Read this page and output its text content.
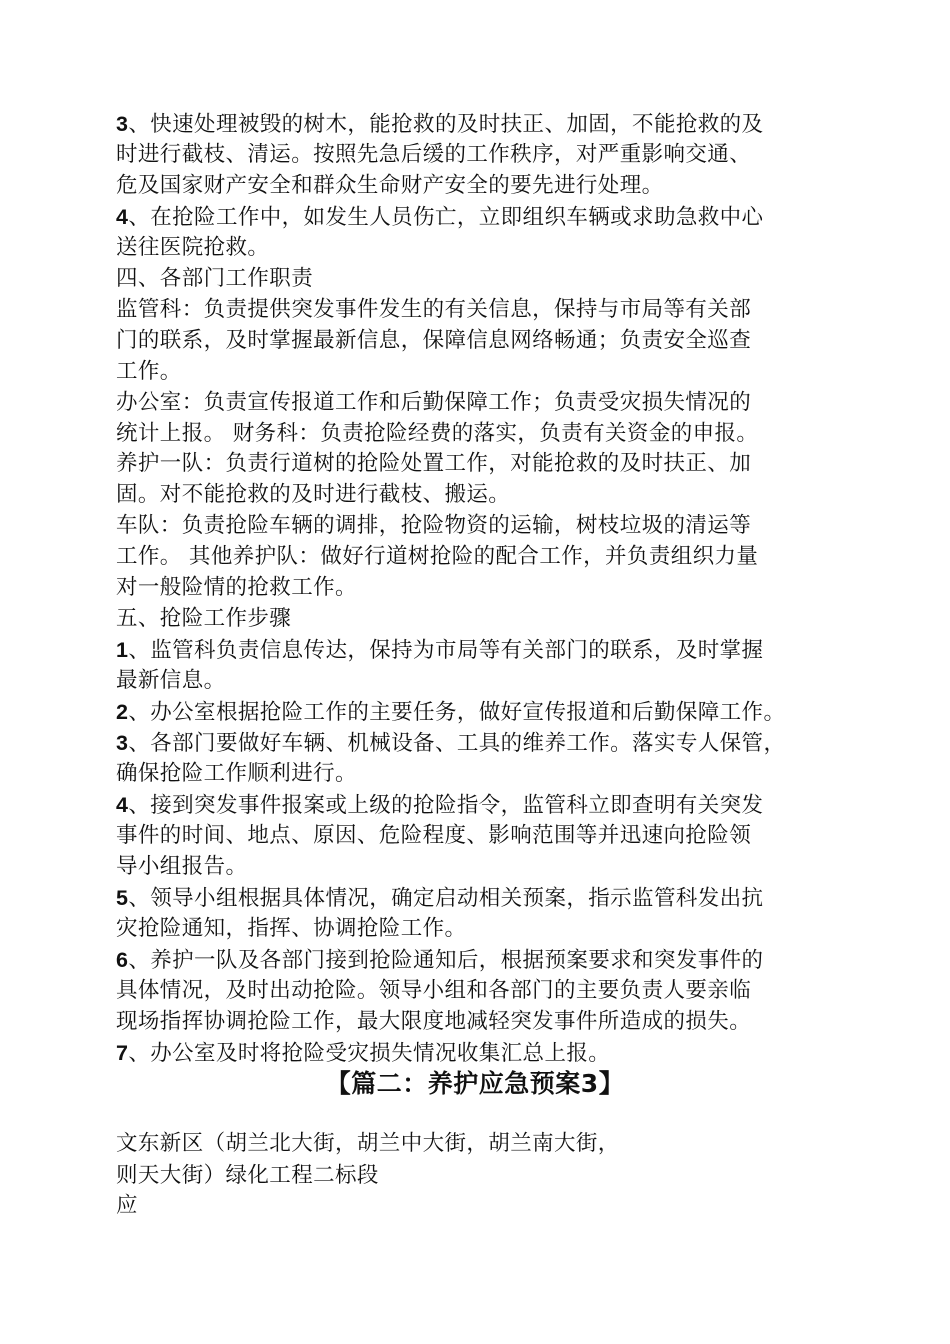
3、快速处理被毁的树木，能抢救的及时扶正、加固，不能抢救的及
时进行截枝、清运。按照先急后缓的工作秩序，对严重影响交通、
危及国家财产安全和群众生命财产安全的要先进行处理。
4、在抢险工作中，如发生人员伤亡，立即组织车辆或求助急救中心
送往医院抢救。
四、各部门工作职责
监管科：负责提供突发事件发生的有关信息，保持与市局等有关部
门的联系，及时掌握最新信息，保障信息网络畅通；负责安全巡查
工作。
办公室：负责宣传报道工作和后勤保障工作；负责受灾损失情况的
统计上报。 财务科：负责抢险经费的落实，负责有关资金的申报。
养护一队：负责行道树的抢险处置工作，对能抢救的及时扶正、加
固。对不能抢救的及时进行截枝、搬运。
车队：负责抢险车辆的调排，抢险物资的运输，树枝垃圾的清运等
工作。 其他养护队：做好行道树抢险的配合工作，并负责组织力量
对一般险情的抢救工作。
五、抢险工作步骤
1、监管科负责信息传达，保持为市局等有关部门的联系，及时掌握
最新信息。
2、办公室根据抢险工作的主要任务，做好宣传报道和后勤保障工作。
3、各部门要做好车辆、机械设备、工具的维养工作。落实专人保管，
确保抢险工作顺利进行。
4、接到突发事件报案或上级的抢险指令，监管科立即查明有关突发
事件的时间、地点、原因、危险程度、影响范围等并迅速向抢险领
导小组报告。
5、领导小组根据具体情况，确定启动相关预案，指示监管科发出抗
灾抢险通知，指挥、协调抢险工作。
6、养护一队及各部门接到抢险通知后，根据预案要求和突发事件的
具体情况，及时出动抢险。领导小组和各部门的主要负责人要亲临
现场指挥协调抢险工作，最大限度地减轻突发事件所造成的损失。
7、办公室及时将抢险受灾损失情况收集汇总上报。
【篇二：养护应急预案3】
文东新区（胡兰北大街，胡兰中大街，胡兰南大街，
则天大街）绿化工程二标段
应
